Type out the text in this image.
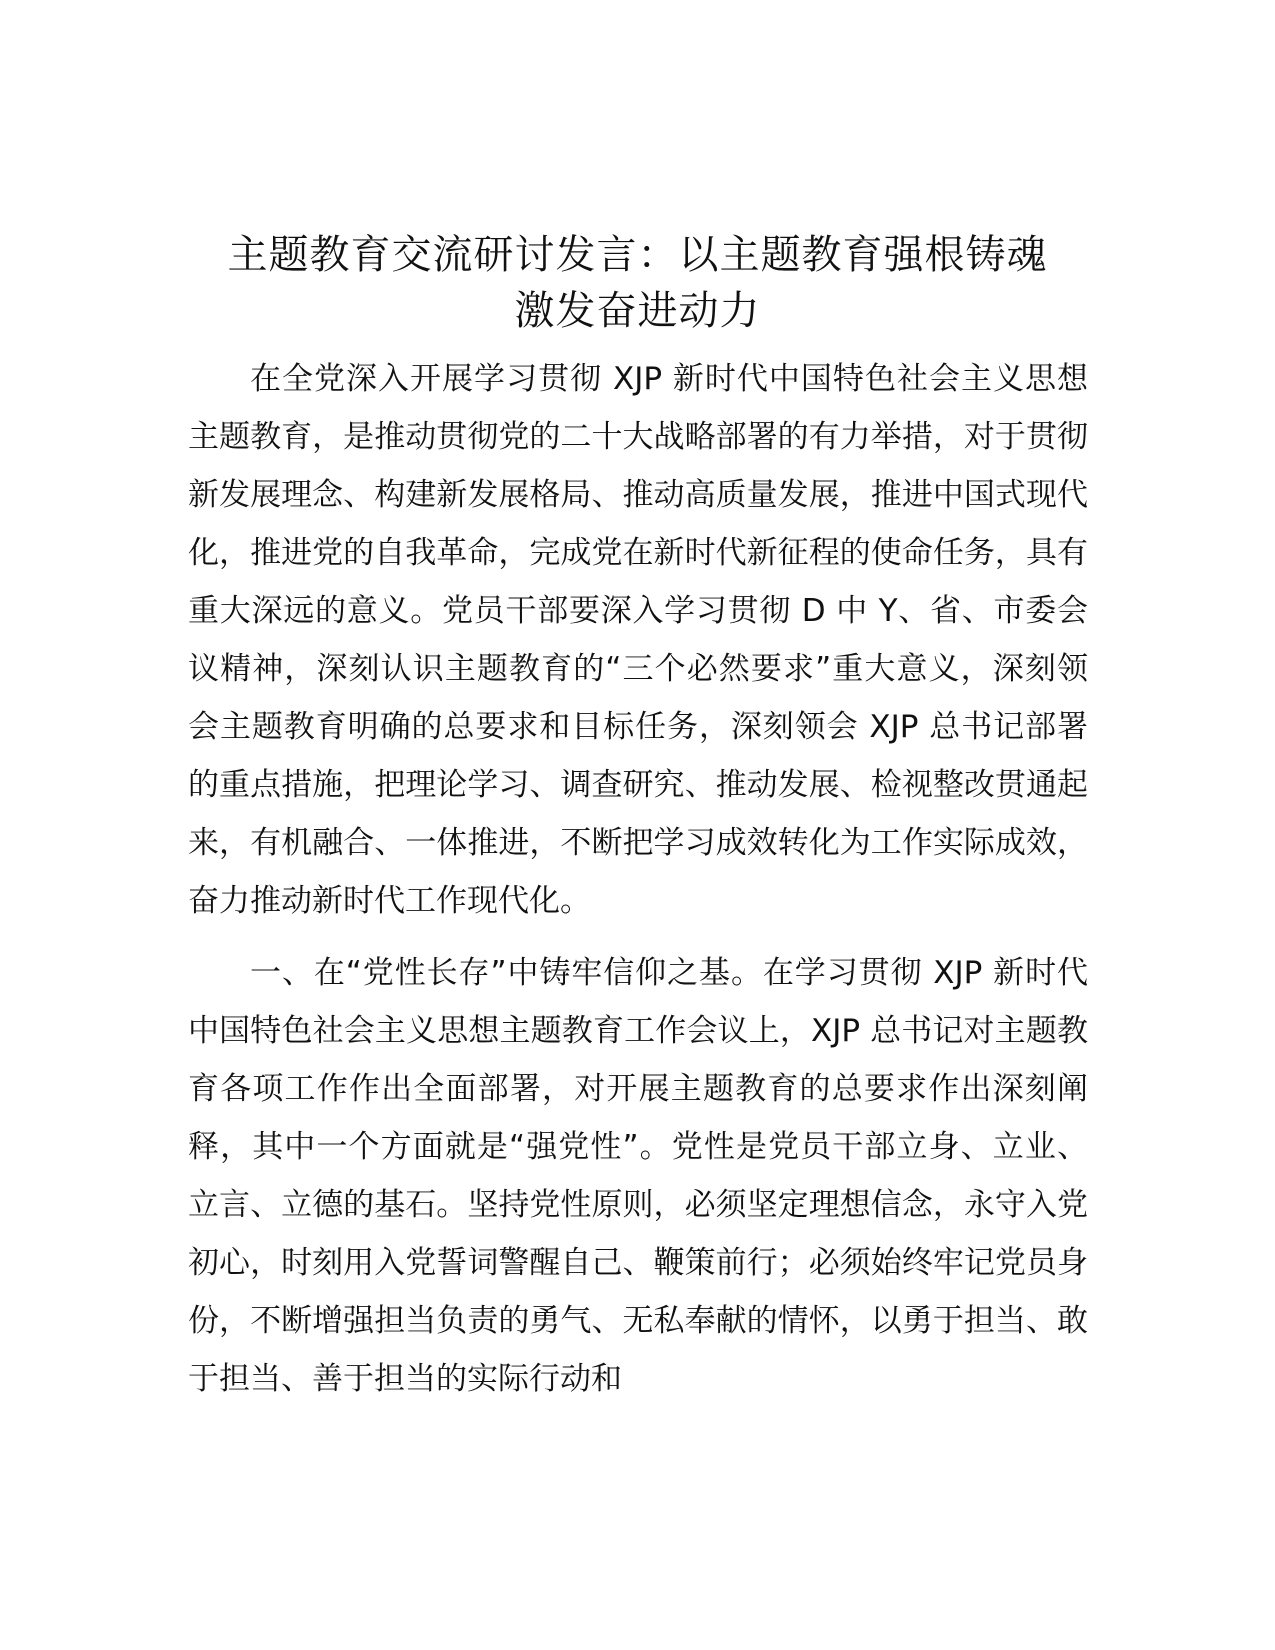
主题教育交流研讨发言：以主题教育强根铸魂
激发奋进动力

在全党深入开展学习贯彻 XJP 新时代中国特色社会主义思想主题教育，是推动贯彻党的二十大战略部署的有力举措，对于贯彻新发展理念、构建新发展格局、推动高质量发展，推进中国式现代化，推进党的自我革命，完成党在新时代新征程的使命任务，具有重大深远的意义。党员干部要深入学习贯彻 D 中 Y、省、市委会议精神，深刻认识主题教育的“三个必然要求”重大意义，深刻领会主题教育明确的总要求和目标任务，深刻领会 XJP 总书记部署的重点措施，把理论学习、调查研究、推动发展、检视整改贯通起来，有机融合、一体推进，不断把学习成效转化为工作实际成效，奋力推动新时代工作现代化。

一、在“党性长存”中铸牢信仰之基。在学习贯彻 XJP 新时代中国特色社会主义思想主题教育工作会议上，XJP 总书记对主题教育各项工作作出全面部署，对开展主题教育的总要求作出深刻阐释，其中一个方面就是“强党性”。党性是党员干部立身、立业、立言、立德的基石。坚持党性原则，必须坚定理想信念，永守入党初心，时刻用入党誓词警醒自己、鞭策前行；必须始终牢记党员身份，不断增强担当负责的勇气、无私奉献的情怀，以勇于担当、敢于担当、善于担当的实际行动和
